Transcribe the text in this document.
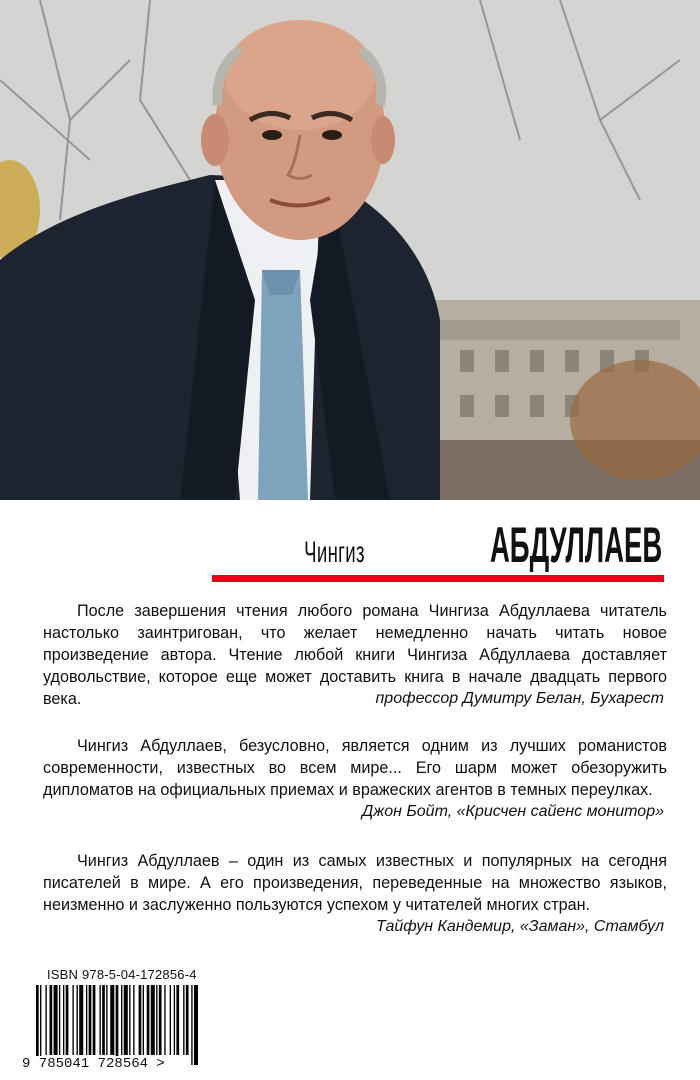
Чингиз АБДУЛЛАЕВ

После завершения чтения любого романа Чингиза Абдуллаева читатель настолько заинтригован, что желает немедленно начать читать новое произведение автора. Чтение любой книги Чингиза Абдуллаева доставляет удовольствие, которое еще может доставить книга в начале двадцать первого века.	профессор Думитру Белан, Бухарест

Чингиз Абдуллаев, безусловно, является одним из лучших романистов современности, известных во всем мире... Его шарм может обезоружить дипломатов на официальных приемах и вражеских агентов в темных переулках.

Джон Бойт, «Крисчен сайенс монитор»

Чингиз Абдуллаев – один из самых известных и популярных на сегодня писателей в мире. А его произведения, переведенные на множество языков, неизменно и заслуженно пользуются успехом у читателей многих стран.

Тайфун Кандемир, «Заман», Стамбул
ISBN 978-5-04-172856-4
9 785041 728564 >
